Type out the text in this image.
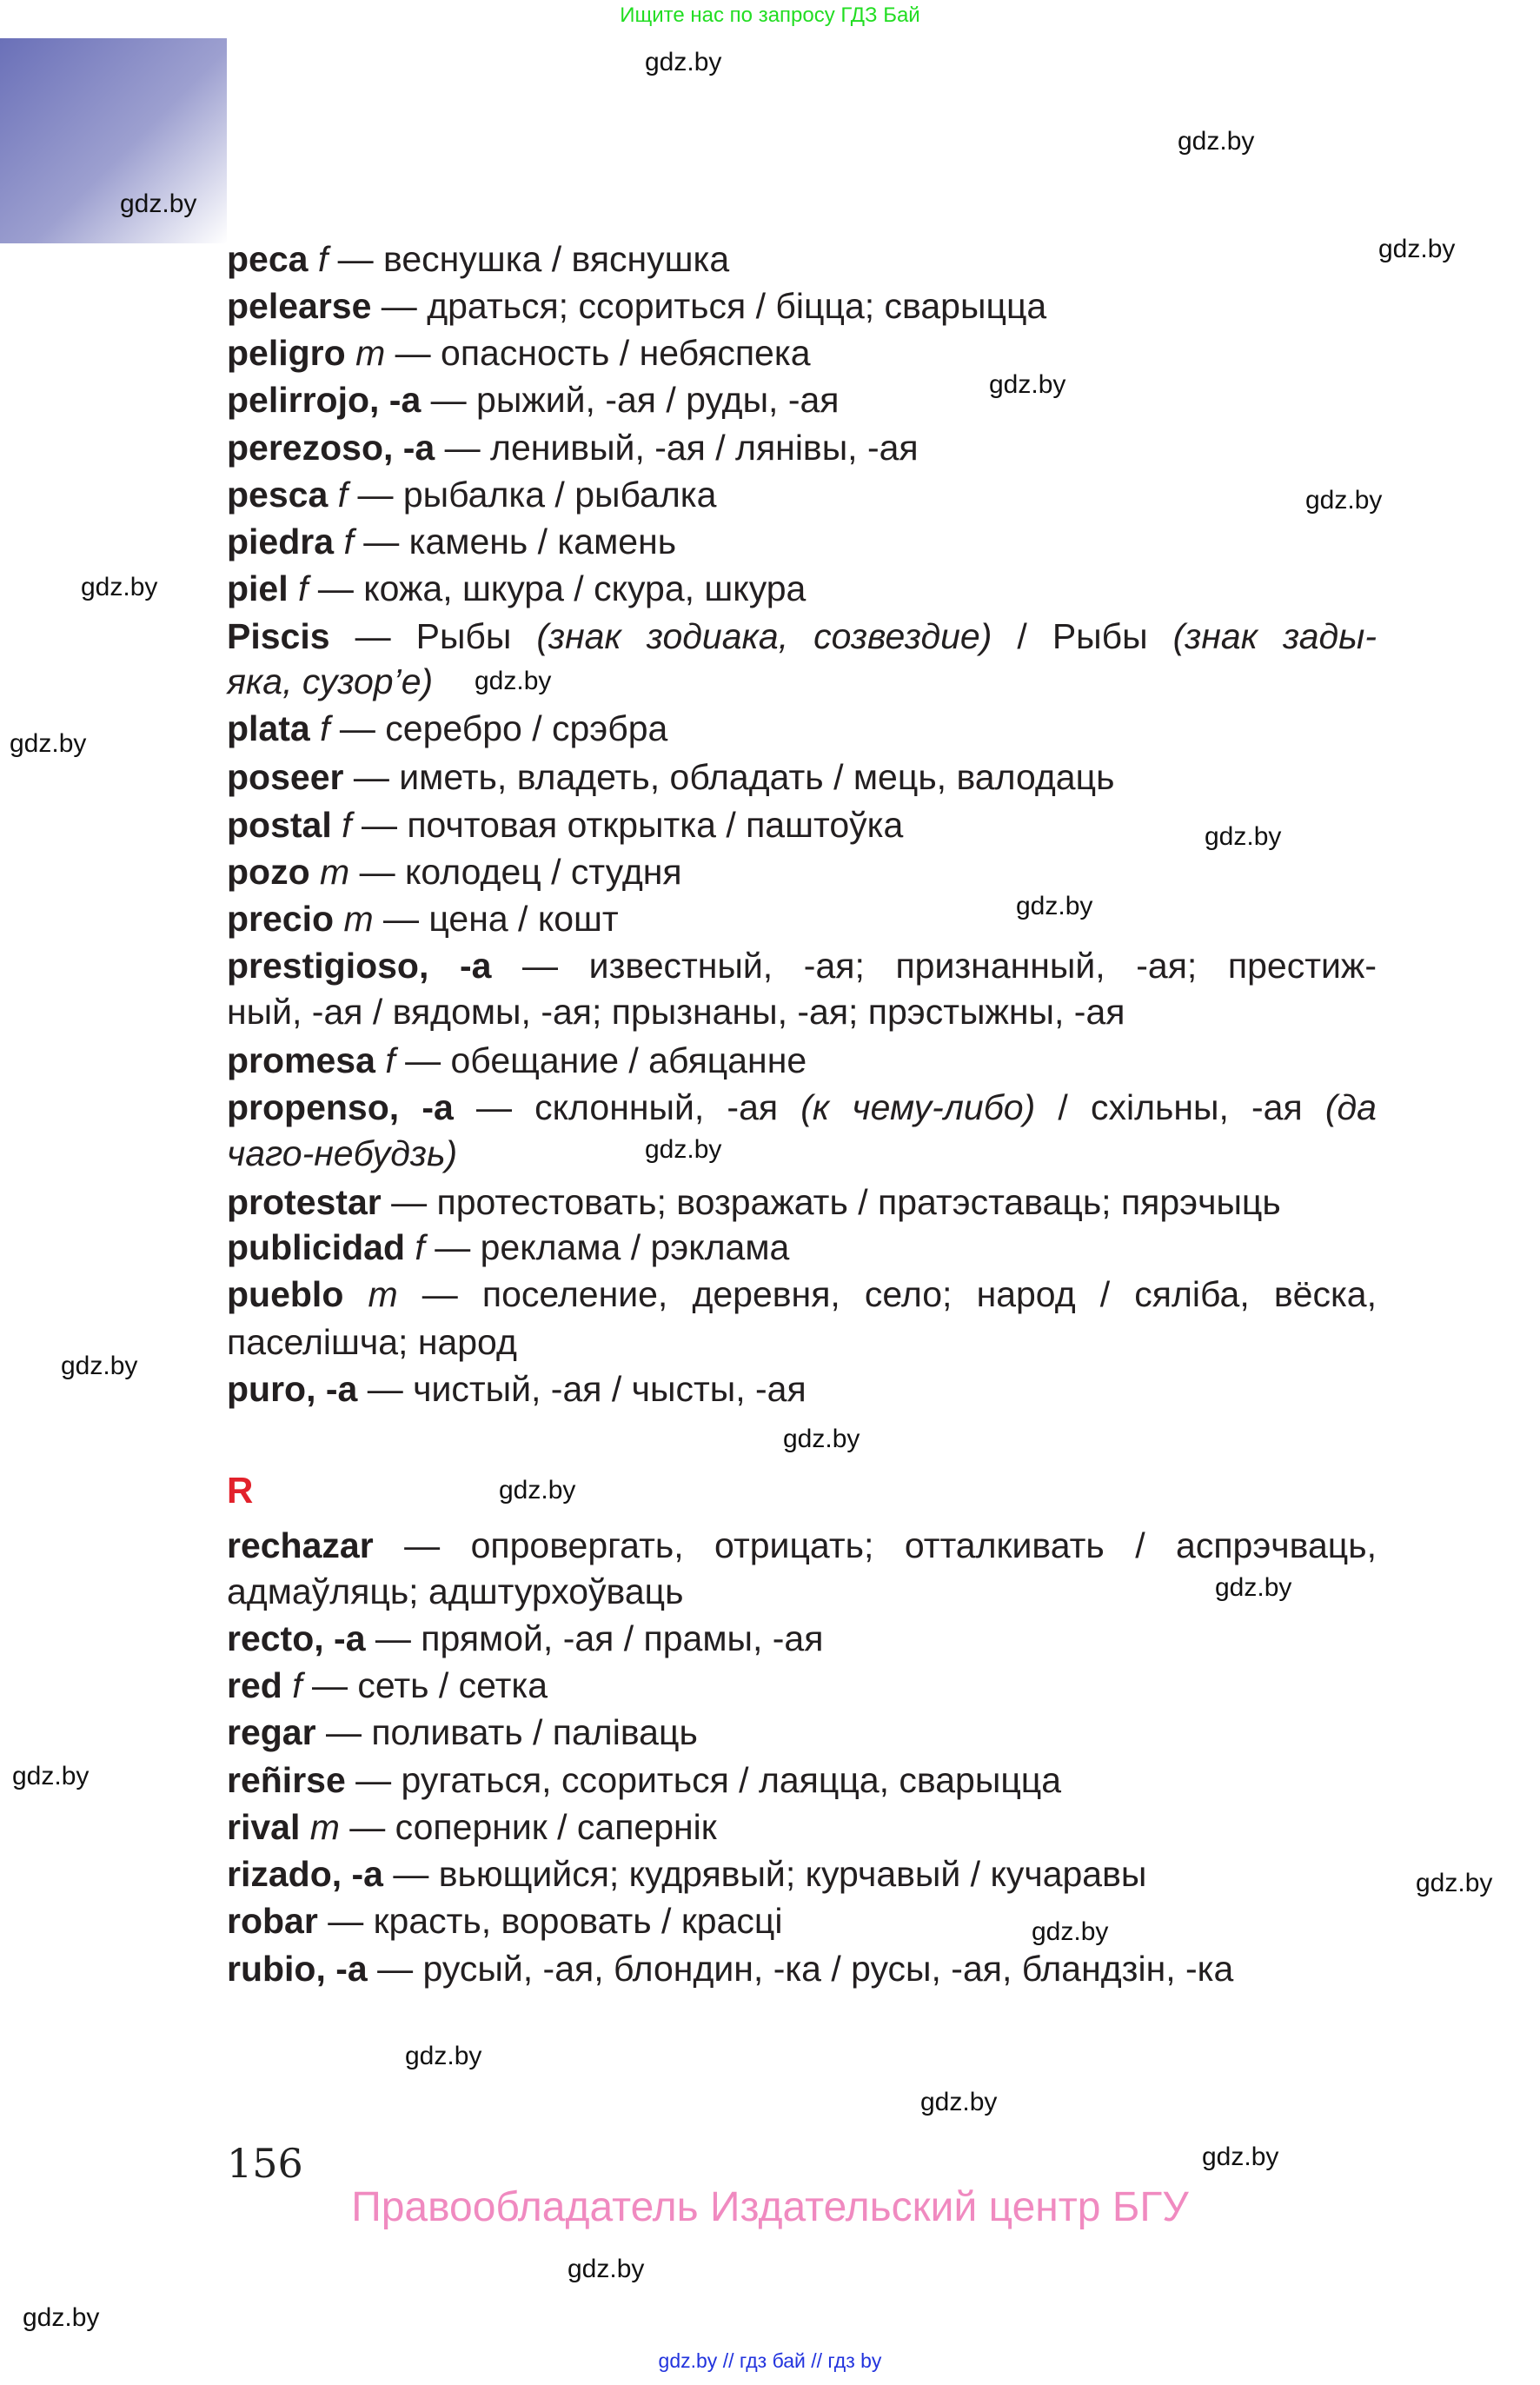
Ищите нас по запросу ГДЗ Бай
peca f — веснушка / вяснушка
pelearse — драться; ссориться / біцца; сварыцца
peligro m — опасность / небяспека
pelirrojo, -a — рыжий, -ая / руды, -ая
perezoso, -a — ленивый, -ая / лянівы, -ая
pesca f — рыбалка / рыбалка
piedra f — камень / камень
piel f — кожа, шкура / скура, шкура
Piscis — Рыбы (знак зодиака, созвездие) / Рыбы (знак зады-
яка, сузор’е)
plata f — серебро / срэбра
poseer — иметь, владеть, обладать / мець, валодаць
postal f — почтовая открытка / паштоўка
pozo m — колодец / студня
precio m — цена / кошт
prestigioso, -a — известный, -ая; признанный, -ая; престиж-
ный, -ая / вядомы, -ая; прызнаны, -ая; прэстыжны, -ая
promesa f — обещание / абяцанне
propenso, -a — склонный, -ая (к чему-либо) / схільны, -ая (да
чаго-небудзь)
protestar — протестовать; возражать / пратэставаць; пярэчыць
publicidad f — реклама / рэклама
pueblo m — поселение, деревня, село; народ / сяліба, вёска,
паселішча; народ
puro, -a — чистый, -ая / чысты, -ая
rechazar — опровергать, отрицать; отталкивать / аспрэчваць,
адмаўляць; адштурхоўваць
recto, -a — прямой, -ая / прамы, -ая
red f — сеть / сетка
regar — поливать / паліваць
reñirse — ругаться, ссориться / лаяцца, сварыцца
rival m — соперник / сапернік
rizado, -a — вьющийся; кудрявый; курчавый / кучаравы
robar — красть, воровать / красці
rubio, -a — русый, -ая, блондин, -ка / русы, -ая, бландзін, -ка
R
gdz.by
gdz.by
gdz.by
gdz.by
gdz.by
gdz.by
gdz.by
gdz.by
gdz.by
gdz.by
gdz.by
gdz.by
gdz.by
gdz.by
gdz.by
gdz.by
gdz.by
gdz.by
gdz.by
gdz.by
gdz.by
gdz.by
gdz.by
gdz.by
156
Правообладатель Издательский центр БГУ
gdz.by // гдз бай // гдз by
